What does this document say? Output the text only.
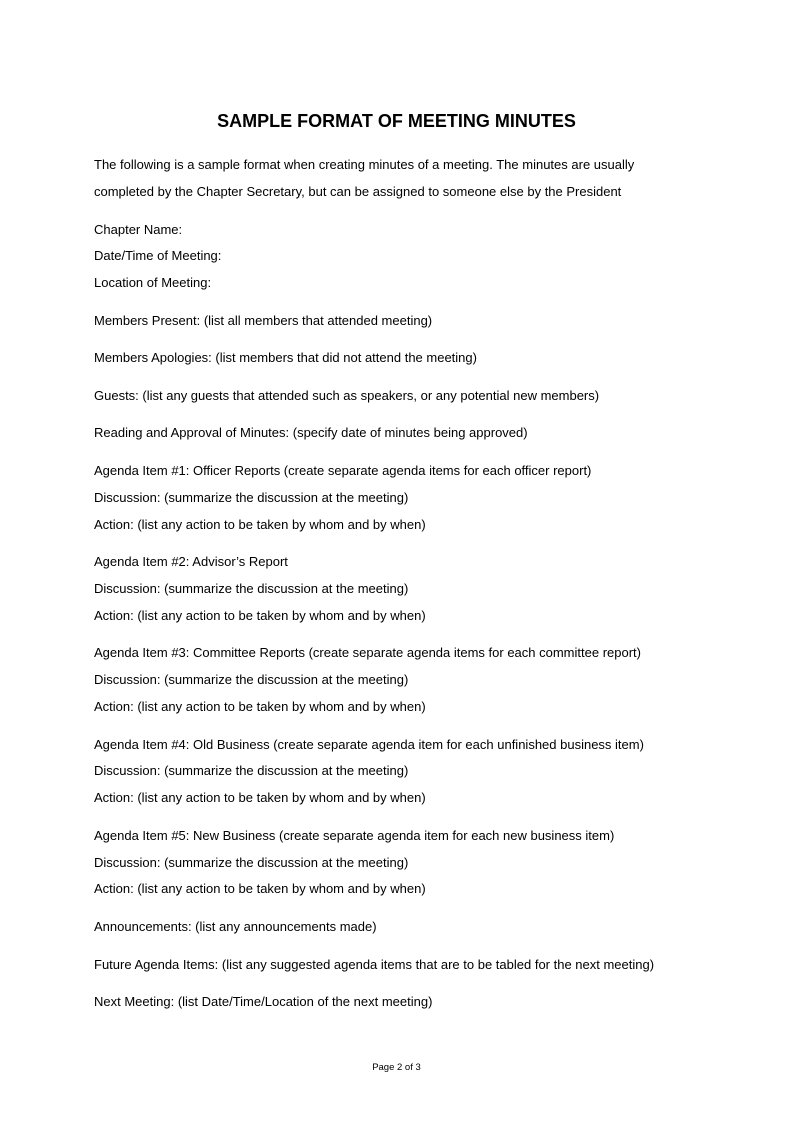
SAMPLE FORMAT OF MEETING MINUTES
The following is a sample format when creating minutes of a meeting. The minutes are usually
completed by the Chapter Secretary, but can be assigned to someone else by the President
Chapter Name:
Date/Time of Meeting:
Location of Meeting:
Members Present: (list all members that attended meeting)
Members Apologies: (list members that did not attend the meeting)
Guests: (list any guests that attended such as speakers, or any potential new members)
Reading and Approval of Minutes: (specify date of minutes being approved)
Agenda Item #1: Officer Reports (create separate agenda items for each officer report)
Discussion: (summarize the discussion at the meeting)
Action: (list any action to be taken by whom and by when)
Agenda Item #2: Advisor’s Report
Discussion: (summarize the discussion at the meeting)
Action: (list any action to be taken by whom and by when)
Agenda Item #3: Committee Reports (create separate agenda items for each committee report)
Discussion: (summarize the discussion at the meeting)
Action: (list any action to be taken by whom and by when)
Agenda Item #4: Old Business (create separate agenda item for each unfinished business item)
Discussion: (summarize the discussion at the meeting)
Action: (list any action to be taken by whom and by when)
Agenda Item #5: New Business (create separate agenda item for each new business item)
Discussion: (summarize the discussion at the meeting)
Action: (list any action to be taken by whom and by when)
Announcements: (list any announcements made)
Future Agenda Items: (list any suggested agenda items that are to be tabled for the next meeting)
Next Meeting: (list Date/Time/Location of the next meeting)
Page 2 of 3
